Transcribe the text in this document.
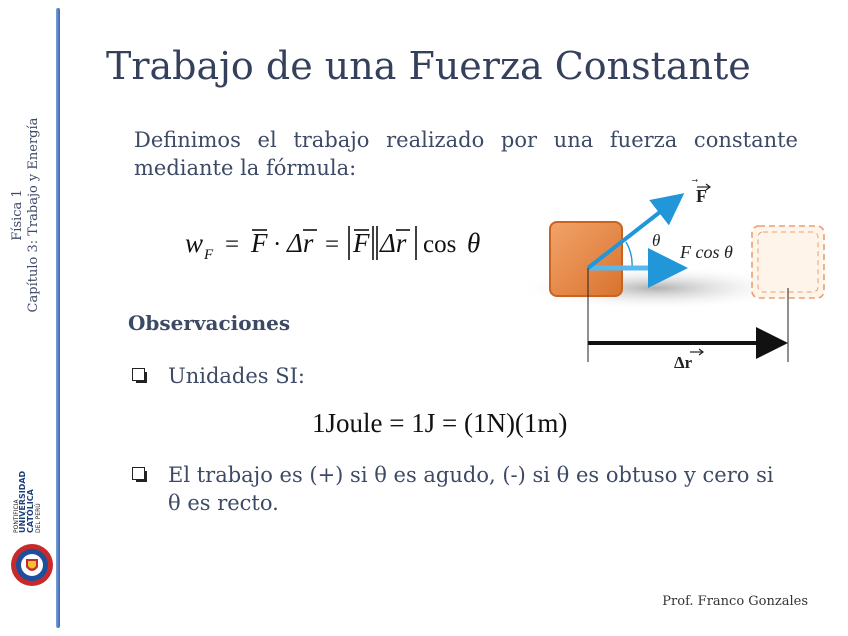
Física 1 Capítulo 3: Trabajo y Energía
PONTIFICIA
UNIVERSIDAD CATÓLICA DEL PERÚ
Trabajo de una Fuerza Constante
Definimos el trabajo realizado por una fuerza constante mediante la fórmula:
w F = F · Δr = F Δr cos θ
F
θ
F cos θ
Δr
Observaciones
Unidades SI:
1Joule = 1J = (1N)(1m)
El trabajo es (+) si θ es agudo, (-) si θ es obtuso y cero si θ es recto.
Prof. Franco Gonzales
